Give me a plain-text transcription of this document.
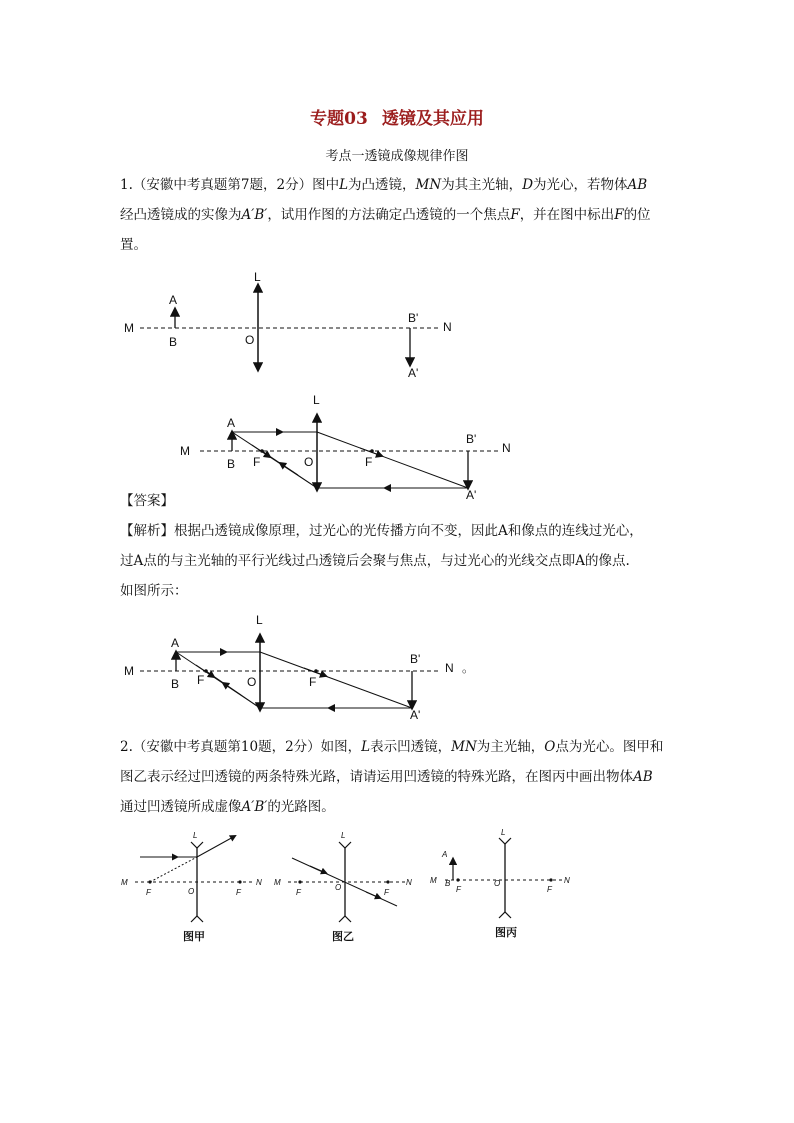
专题03 透镜及其应用
考点一透镜成像规律作图
1.（安徽中考真题第7题，2分）图中L为凸透镜，MN为其主光轴，D为光心，若物体AB
经凸透镜成的实像为A′B′，试用作图的方法确定凸透镜的一个焦点F，并在图中标出F的位
置。
M	N
L
A
B	O
B'
A'
M	N
L
A
B F	O	F
B'
A'
【答案】
【解析】根据凸透镜成像原理，过光心的光传播方向不变，因此A和像点的连线过光心，
过A点的与主光轴的平行光线过凸透镜后会聚与焦点，与过光心的光线交点即A的像点.
如图所示：
M	N 。
L
A
B F	O	F
B'
A'
2.（安徽中考真题第10题，2分）如图，L表示凹透镜，MN为主光轴，O点为光心。图甲和
图乙表示经过凹透镜的两条特殊光路，请请运用凹透镜的特殊光路，在图丙中画出物体AB
通过凹透镜所成虚像A′B′的光路图。
M	N
L
F	O	F
图甲
M	N
L
F
O
F
图乙
M	N
L
A
B
F
O
F
图丙
